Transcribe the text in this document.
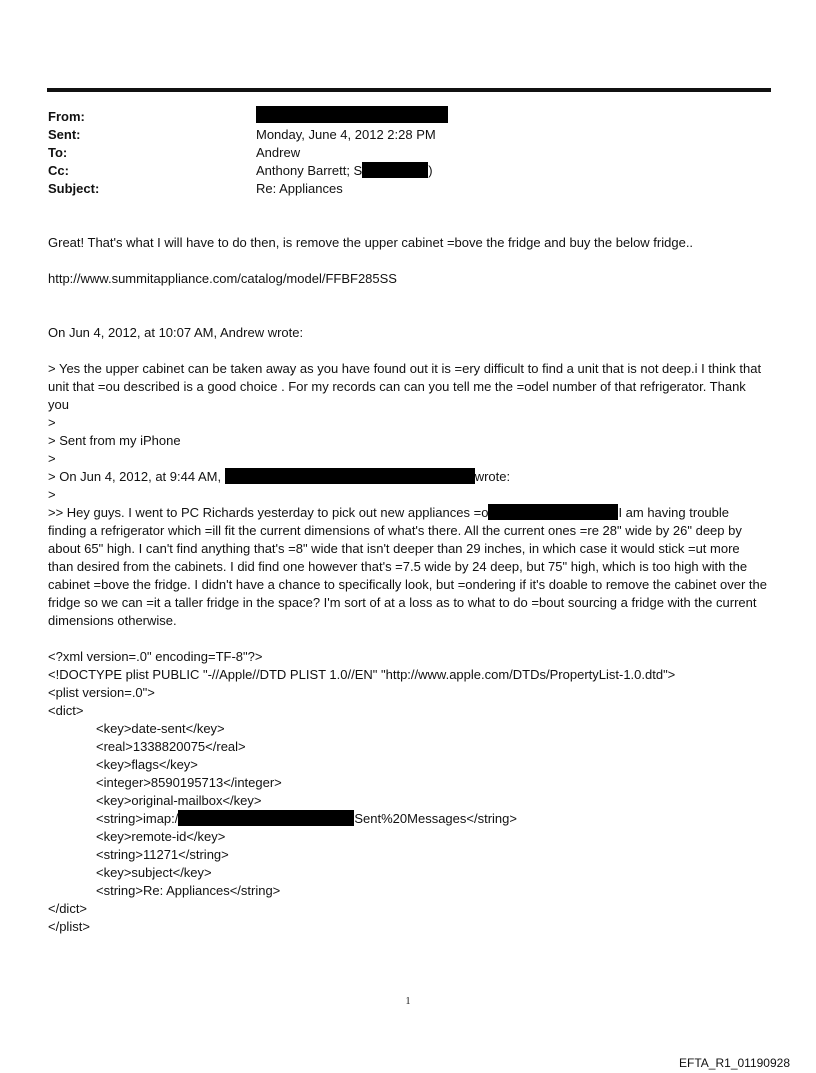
From:
Sent:	Monday, June 4, 2012 2:28 PM
To:	Andrew
Cc:	Anthony Barrett; S	)
Subject:	Re: Appliances

Great! That's what I will have to do then, is remove the upper cabinet =bove the fridge and buy the below fridge..

http://www.summitappliance.com/catalog/model/FFBF285SS

On Jun 4, 2012, at 10:07 AM, Andrew wrote:

> Yes the upper cabinet can be taken away as you have found out it is =ery difficult to find a unit that is not deep.i I think that unit that =ou described is a good choice . For my records can can you tell me the =odel number of that refrigerator. Thank you

>

> Sent from my iPhone

>

> On Jun 4, 2012, at 9:44 AM,	wrote:

>

>> Hey guys. I went to PC Richards yesterday to pick out new appliances =o	I am having trouble finding a refrigerator which =ill fit the current dimensions of what's there. All the current ones =re 28" wide by 26" deep by about 65" high. I can't find anything that's =8" wide that isn't deeper than 29 inches, in which case it would stick =ut more than desired from the cabinets. I did find one however that's =7.5 wide by 24 deep, but 75" high, which is too high with the cabinet =bove the fridge. I didn't have a chance to specifically look, but =ondering if it's doable to remove the cabinet over the fridge so we can =it a taller fridge in the space? I'm sort of at a loss as to what to do =bout sourcing a fridge with the current dimensions otherwise.

<?xml version=.0" encoding=TF-8"?>

<!DOCTYPE plist PUBLIC "-//Apple//DTD PLIST 1.0//EN" "http://www.apple.com/DTDs/PropertyList-1.0.dtd">

<plist version=.0">

<dict>

<key>date-sent</key>

<real>1338820075</real>

<key>flags</key>

<integer>8590195713</integer>

<key>original-mailbox</key>

<string>imap:/	Sent%20Messages</string>

<key>remote-id</key>

<string>11271</string>

<key>subject</key>

<string>Re: Appliances</string>

</dict>

</plist>

1
EFTA_R1_01190928
